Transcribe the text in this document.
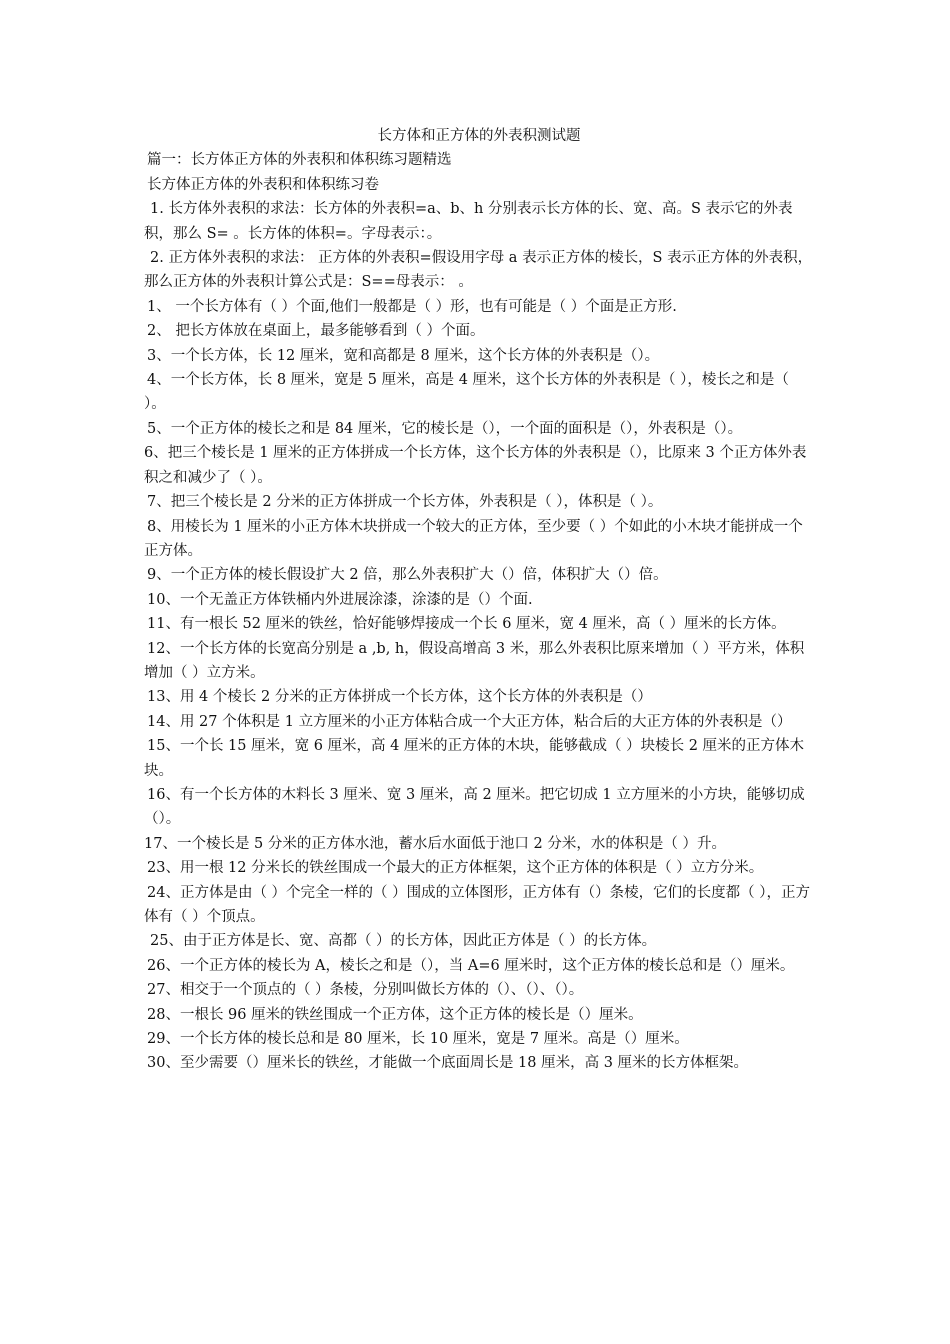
长方体和正方体的外表积测试题

篇一：长方体正方体的外表积和体积练习题精选

长方体正方体的外表积和体积练习卷

1. 长方体外表积的求法：长方体的外表积=a、b、h 分别表示长方体的长、宽、高。S 表示它的外表积，那么 S= 。长方体的体积=。字母表示：。

2. 正方体外表积的求法： 正方体的外表积=假设用字母 a 表示正方体的棱长，S 表示正方体的外表积，那么正方体的外表积计算公式是：S==母表示： 。

1、 一个长方体有（ ）个面,他们一般都是（ ）形，也有可能是（ ）个面是正方形.

2、 把长方体放在桌面上，最多能够看到（ ）个面。

3、一个长方体，长 12 厘米，宽和高都是 8 厘米，这个长方体的外表积是（）。

4、一个长方体，长 8 厘米，宽是 5 厘米，高是 4 厘米，这个长方体的外表积是（ ），棱长之和是（ ）。

5、一个正方体的棱长之和是 84 厘米，它的棱长是（），一个面的面积是（），外表积是（）。

6、把三个棱长是 1 厘米的正方体拼成一个长方体，这个长方体的外表积是（），比原来 3 个正方体外表积之和减少了（ ）。

7、把三个棱长是 2 分米的正方体拼成一个长方体，外表积是（ ），体积是（ ）。

8、用棱长为 1 厘米的小正方体木块拼成一个较大的正方体，至少要（ ）个如此的小木块才能拼成一个正方体。

9、一个正方体的棱长假设扩大 2 倍，那么外表积扩大（）倍，体积扩大（）倍。

10、一个无盖正方体铁桶内外进展涂漆，涂漆的是（）个面.

11、有一根长 52 厘米的铁丝，恰好能够焊接成一个长 6 厘米，宽 4 厘米，高（ ）厘米的长方体。

12、一个长方体的长宽高分别是 a ,b, h，假设高增高 3 米，那么外表积比原来增加（ ）平方米，体积增加（ ）立方米。

13、用 4 个棱长 2 分米的正方体拼成一个长方体，这个长方体的外表积是（）

14、用 27 个体积是 1 立方厘米的小正方体粘合成一个大正方体，粘合后的大正方体的外表积是（）

15、一个长 15 厘米，宽 6 厘米，高 4 厘米的正方体的木块，能够截成（ ）块棱长 2 厘米的正方体木块。

16、有一个长方体的木料长 3 厘米、宽 3 厘米，高 2 厘米。把它切成 1 立方厘米的小方块，能够切成（）。

17、一个棱长是 5 分米的正方体水池，蓄水后水面低于池口 2 分米，水的体积是（ ）升。

23、用一根 12 分米长的铁丝围成一个最大的正方体框架，这个正方体的体积是（ ）立方分米。

24、正方体是由（ ）个完全一样的（ ）围成的立体图形，正方体有（）条棱，它们的长度都（ ），正方体有（ ）个顶点。

25、由于正方体是长、宽、高都（ ）的长方体，因此正方体是（ ）的长方体。

26、一个正方体的棱长为 A，棱长之和是（），当 A=6 厘米时，这个正方体的棱长总和是（）厘米。

27、相交于一个顶点的（ ）条棱，分别叫做长方体的（）、（）、（）。

28、一根长 96 厘米的铁丝围成一个正方体，这个正方体的棱长是（）厘米。

29、一个长方体的棱长总和是 80 厘米，长 10 厘米，宽是 7 厘米。高是（）厘米。

30、至少需要（）厘米长的铁丝，才能做一个底面周长是 18 厘米，高 3 厘米的长方体框架。
